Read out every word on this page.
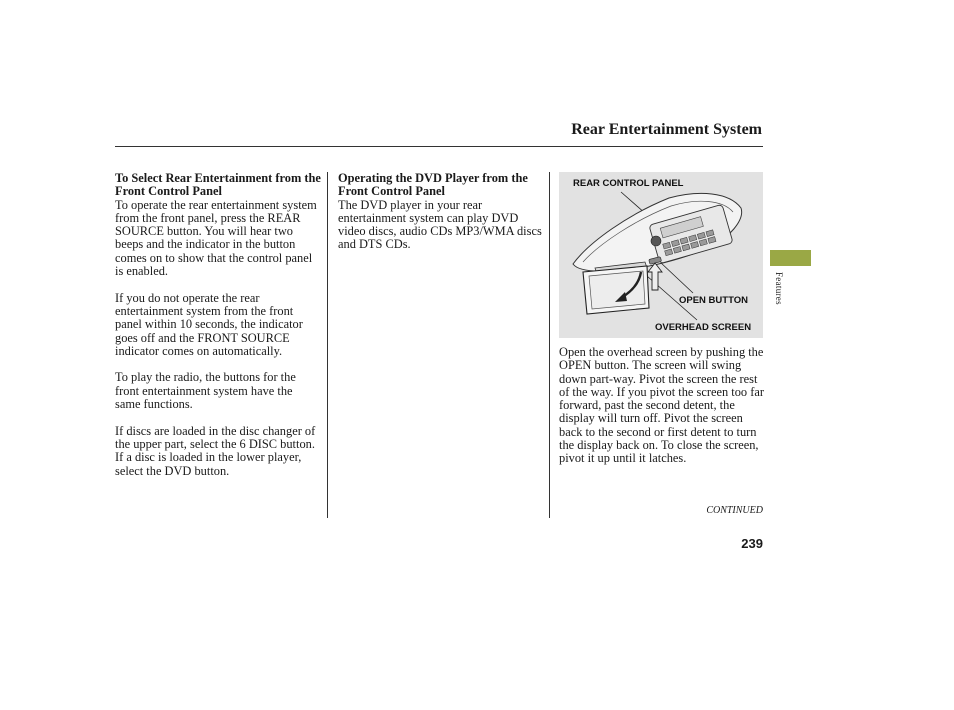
Rear Entertainment System
To Select Rear Entertainment from the Front Control Panel

To operate the rear entertainment system from the front panel, press the REAR SOURCE button. You will hear two beeps and the indicator in the button comes on to show that the control panel is enabled.

If you do not operate the rear entertainment system from the front panel within 10 seconds, the indicator goes off and the FRONT SOURCE indicator comes on automatically.

To play the radio, the buttons for the front entertainment system have the same functions.

If discs are loaded in the disc changer of the upper part, select the 6 DISC button. If a disc is loaded in the lower player, select the DVD button.

Operating the DVD Player from the Front Control Panel

The DVD player in your rear entertainment system can play DVD video discs, audio CDs MP3/WMA discs and DTS CDs.

REAR CONTROL PANEL
OPEN BUTTON
OVERHEAD SCREEN

Open the overhead screen by pushing the OPEN button. The screen will swing down part-way. Pivot the screen the rest of the way. If you pivot the screen too far forward, past the second detent, the display will turn off. Pivot the screen back to the second or first detent to turn the display back on. To close the screen, pivot it up until it latches.

Features
CONTINUED
239
